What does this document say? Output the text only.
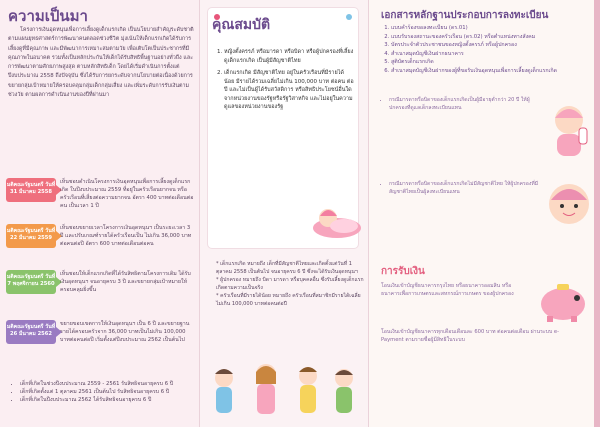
ความเป็นมา

โครงการเงินอุดหนุนเพื่อการเลี้ยงดูเด็กแรกเกิด เป็นนโยบายสำคัญระดับชาติตามแผนยุทธศาสตร์การพัฒนาคนตลอดช่วงชีวิต มุ่งเน้นให้เด็กแรกเกิดได้รับการเลี้ยงดูที่มีคุณภาพ และมีพัฒนาการเหมาะสมตามวัย เพื่อเติบโตเป็นประชากรที่มีคุณภาพในอนาคต รวมทั้งเป็นหลักประกันให้เด็กได้รับสิทธิพื้นฐานอย่างทั่วถึง และการพัฒนาตามศักยภาพสูงสุด ตามหลักสิทธิเด็ก โดยได้เริ่มดำเนินการตั้งแต่ปีงบประมาณ 2558 ถึงปัจจุบัน ซึ่งได้รับการยกระดับจากนโยบายต่อเนื่องด้วยการขยายกลุ่มเป้าหมายให้ครอบคลุมกลุ่มเด็กกลุ่มเสี่ยง และเพิ่มระดับการรับเงินตามช่วงวัย ตามผลการดำเนินงานของปีที่ผ่านมา

มติคณะรัฐมนตรี วันที่ 31 มีนาคม 2558

เห็นชอบดำเนินโครงการเงินอุดหนุนเพื่อการเลี้ยงดูเด็กแรกเกิด ในปีงบประมาณ 2559 ที่อยู่ในครัวเรือนยากจน หรือครัวเรือนที่เสี่ยงต่อความยากจน อัตรา 400 บาทต่อเดือนต่อคน เป็นเวลา 1 ปี

มติคณะรัฐมนตรี วันที่ 22 มีนาคม 2559

เห็นชอบขยายเวลาโครงการเงินอุดหนุนฯ เป็นระยะเวลา 3 ปี และปรับเกณฑ์รายได้ครัวเรือนเป็น ไม่เกิน 36,000 บาทต่อคนต่อปี อัตรา 600 บาทต่อเดือนต่อคน

มติคณะรัฐมนตรี วันที่ 7 พฤศจิกายน 2560

เห็นชอบให้เด็กแรกเกิดที่ได้รับสิทธิตามโครงการเดิม ได้รับเงินอุดหนุนฯ จนอายุครบ 3 ปี และขยายกลุ่มเป้าหมายให้ครอบคลุมยิ่งขึ้น

มติคณะรัฐมนตรี วันที่ 26 มีนาคม 2562

ขยายขอบเขตการให้เงินอุดหนุนฯ เป็น 6 ปี และขยายฐานรายได้ครอบครัวจาก 36,000 บาทเป็นไม่เกิน 100,000 บาทต่อคนต่อปี เริ่มตั้งแต่ปีงบประมาณ 2562 เป็นต้นไป

• เด็กที่เกิดในช่วงปีงบประมาณ 2559 - 2561 รับสิทธิจนอายุครบ 6 ปี
• เด็กที่เกิดตั้งแต่ 1 ตุลาคม 2561 เป็นต้นไป รับสิทธิจนอายุครบ 6 ปี
• เด็กที่เกิดในปีงบประมาณ 2562 ได้รับสิทธิจนอายุครบ 6 ปี
คุณสมบัติ
1. หญิงตั้งครรภ์ หรือมารดา หรือบิดา หรือผู้ปกครองที่เลี้ยงดูเด็กแรกเกิด เป็นผู้มีสัญชาติไทย
2. เด็กแรกเกิด มีสัญชาติไทย อยู่ในครัวเรือนที่มีรายได้น้อย มีรายได้รวมเฉลี่ยไม่เกิน 100,000 บาท ต่อคน ต่อปี และไม่เป็นผู้ได้รับสวัสดิการ หรือสิทธิประโยชน์อื่นใดจากหน่วยงานของรัฐหรือรัฐวิสาหกิจ และไม่อยู่ในความดูแลของหน่วยงานของรัฐ
* เด็กแรกเกิด หมายถึง เด็กที่มีสัญชาติไทยและเกิดตั้งแต่วันที่ 1 ตุลาคม 2558 เป็นต้นไป จนอายุครบ 6 ปี ซึ่งจะได้รับเงินอุดหนุนฯ
* ผู้ปกครอง หมายถึง บิดา มารดา หรือบุคคลอื่น ซึ่งรับเลี้ยงดูเด็กแรกเกิดตามความเป็นจริง
* ครัวเรือนที่มีรายได้น้อย หมายถึง ครัวเรือนที่สมาชิกมีรายได้เฉลี่ยไม่เกิน 100,000 บาทต่อคนต่อปี
เอกสารหลักฐานประกอบการลงทะเบียน
1. แบบคำร้องขอลงทะเบียน (ดร.01)
2. แบบรับรองสถานะของครัวเรือน (ดร.02) หรือตำแหน่งทางสังคม
3. บัตรประจำตัวประชาชนของหญิงตั้งครรภ์ หรือผู้ปกครอง
4. สำเนาสมุดบัญชีเงินฝากธนาคาร
5. สูติบัตรเด็กแรกเกิด
6. สำเนาสมุดบัญชีเงินฝากของผู้ที่ขอรับเงินอุดหนุนเพื่อการเลี้ยงดูเด็กแรกเกิด
• กรณีมารดาหรือบิดาของเด็กแรกเกิดเป็นผู้มีอายุต่ำกว่า 20 ปี ให้ผู้ปกครองที่ดูแลเด็กลงทะเบียนแทน
• กรณีมารดาหรือบิดาของเด็กแรกเกิดไม่มีสัญชาติไทย ให้ผู้ปกครองที่มีสัญชาติไทยเป็นผู้ลงทะเบียนแทน
การรับเงิน

โอนเงินเข้าบัญชีธนาคารกรุงไทย หรือธนาคารออมสิน หรือธนาคารเพื่อการเกษตรและสหกรณ์การเกษตร ของผู้ปกครอง

โอนเงินเข้าบัญชีธนาคารทุกเดือนเดือนละ 600 บาท ต่อคนต่อเดือน ผ่านระบบ e-Payment ตามรายชื่อผู้มีสิทธิในระบบ
